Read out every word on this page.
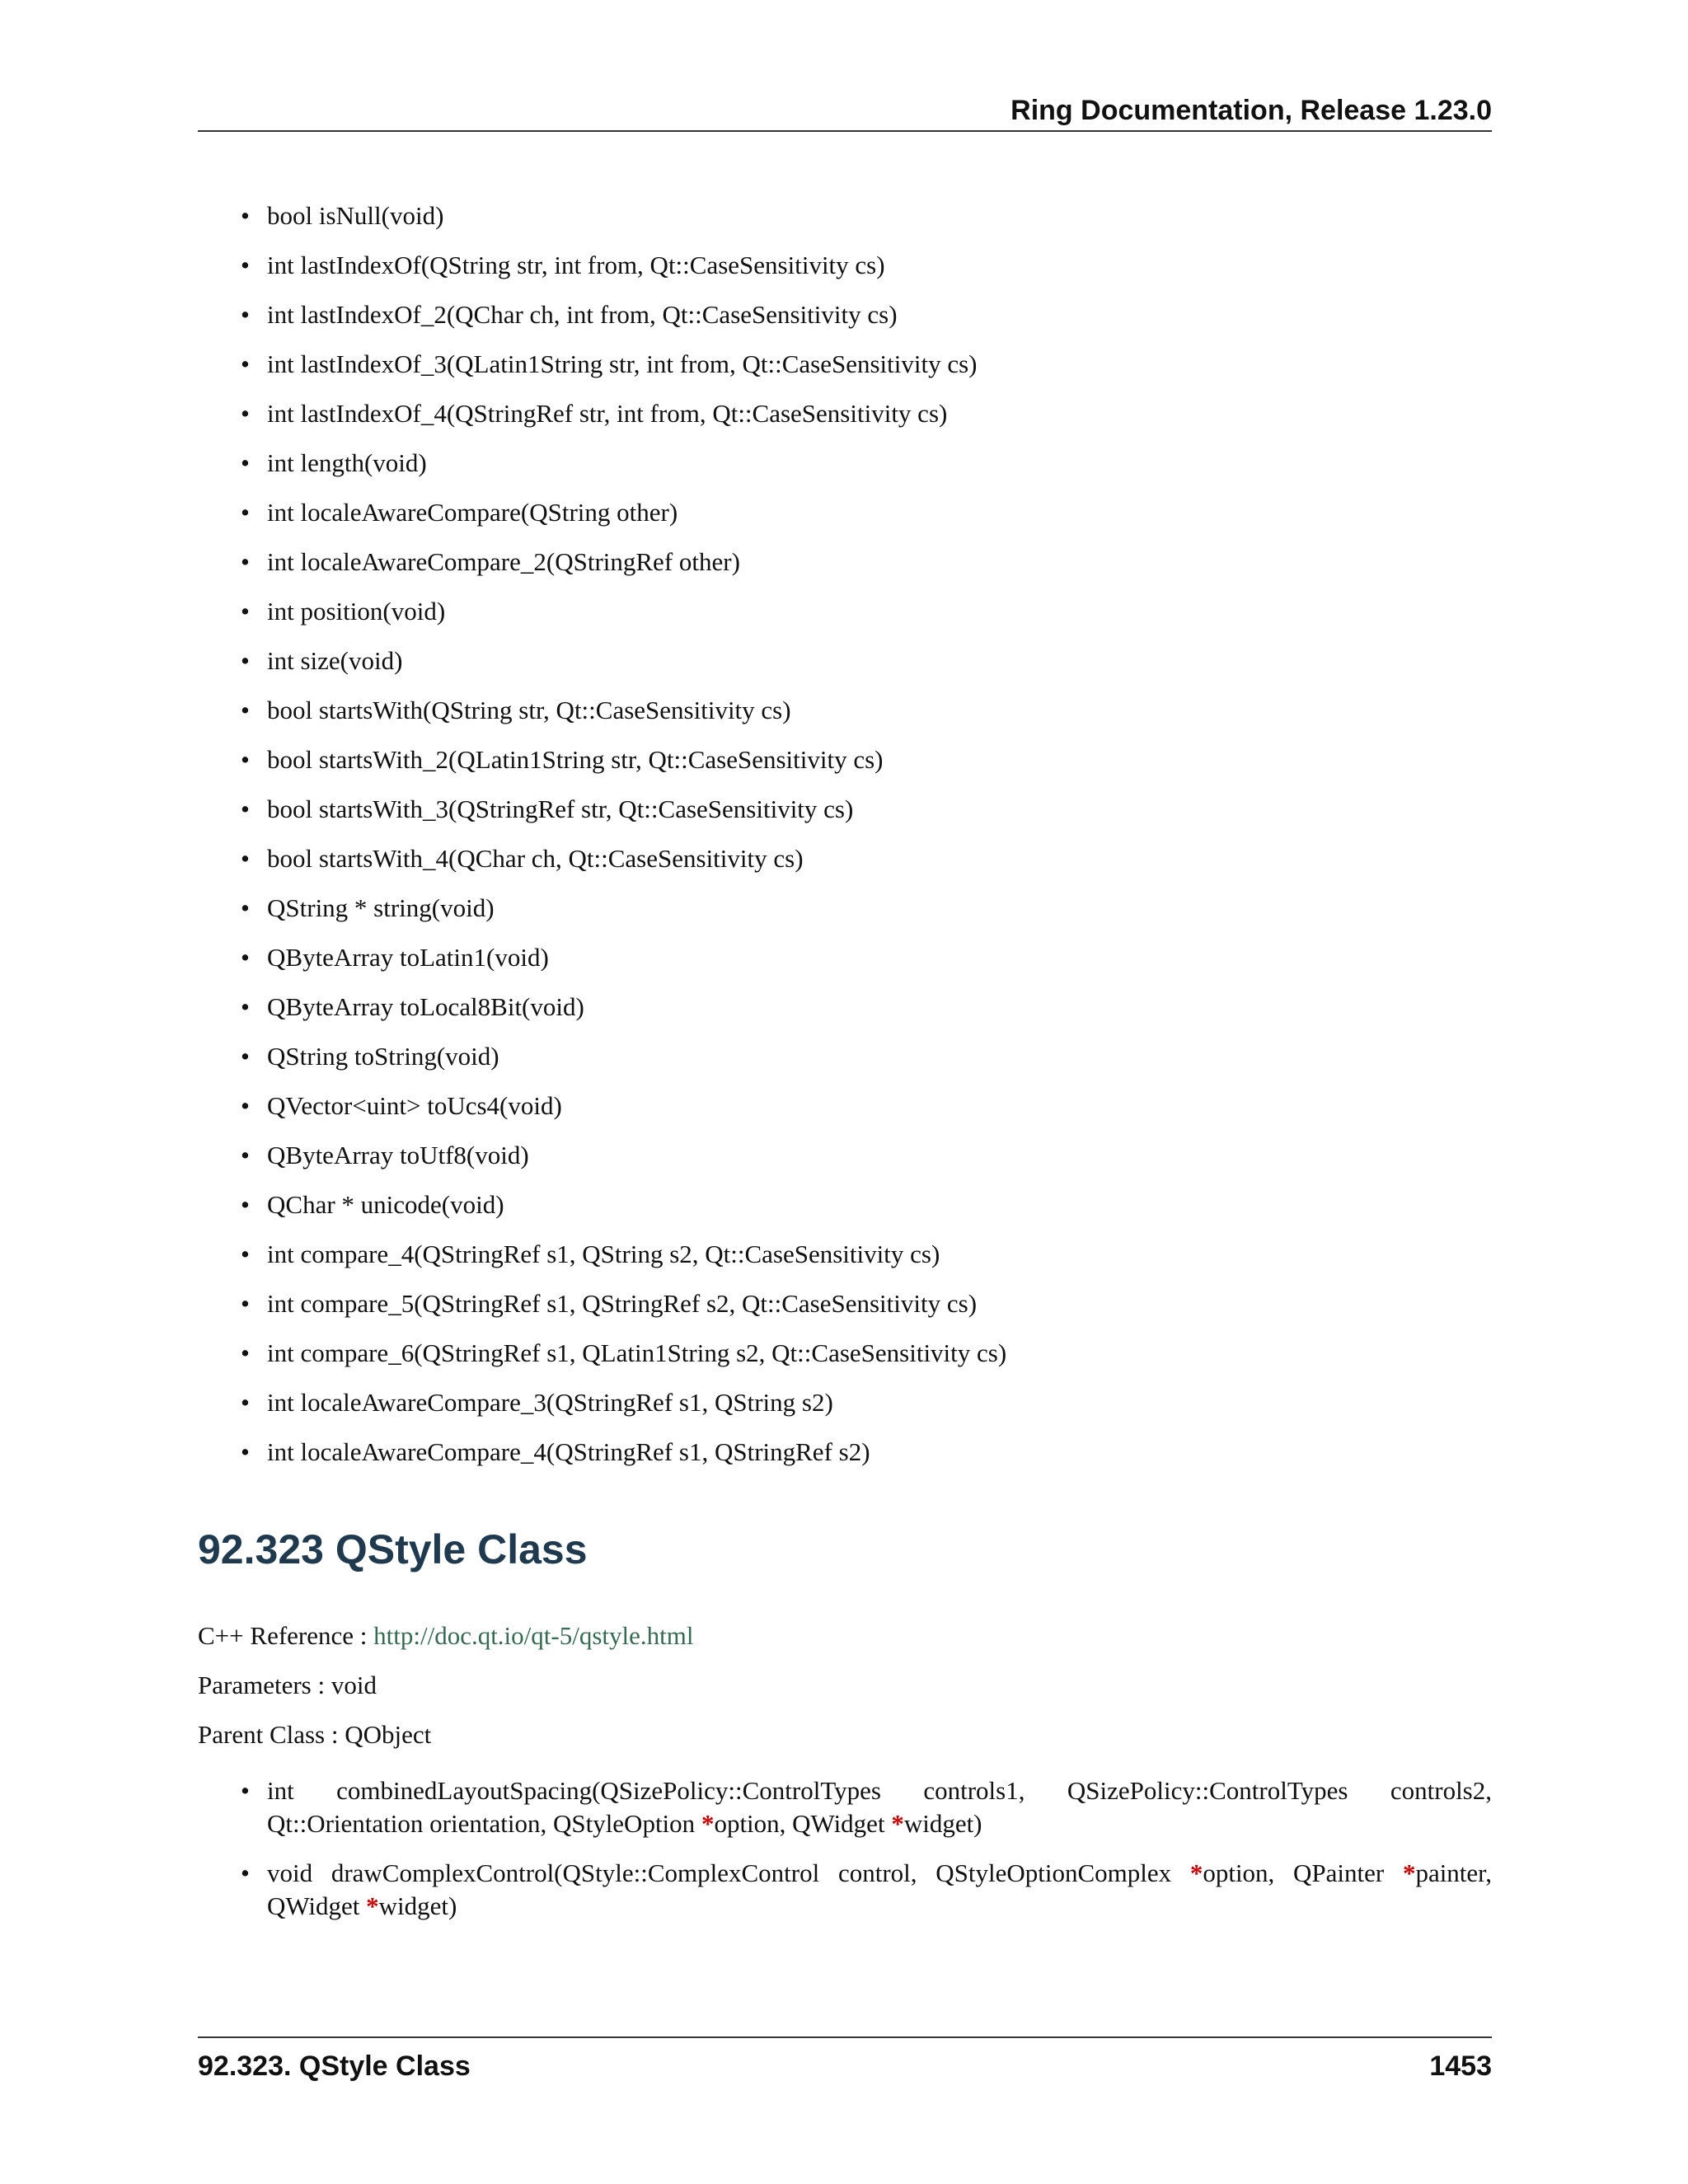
Ring Documentation, Release 1.23.0
• bool isNull(void)
• int lastIndexOf(QString str, int from, Qt::CaseSensitivity cs)
• int lastIndexOf_2(QChar ch, int from, Qt::CaseSensitivity cs)
• int lastIndexOf_3(QLatin1String str, int from, Qt::CaseSensitivity cs)
• int lastIndexOf_4(QStringRef str, int from, Qt::CaseSensitivity cs)
• int length(void)
• int localeAwareCompare(QString other)
• int localeAwareCompare_2(QStringRef other)
• int position(void)
• int size(void)
• bool startsWith(QString str, Qt::CaseSensitivity cs)
• bool startsWith_2(QLatin1String str, Qt::CaseSensitivity cs)
• bool startsWith_3(QStringRef str, Qt::CaseSensitivity cs)
• bool startsWith_4(QChar ch, Qt::CaseSensitivity cs)
• QString * string(void)
• QByteArray toLatin1(void)
• QByteArray toLocal8Bit(void)
• QString toString(void)
• QVector<uint> toUcs4(void)
• QByteArray toUtf8(void)
• QChar * unicode(void)
• int compare_4(QStringRef s1, QString s2, Qt::CaseSensitivity cs)
• int compare_5(QStringRef s1, QStringRef s2, Qt::CaseSensitivity cs)
• int compare_6(QStringRef s1, QLatin1String s2, Qt::CaseSensitivity cs)
• int localeAwareCompare_3(QStringRef s1, QString s2)
• int localeAwareCompare_4(QStringRef s1, QStringRef s2)
92.323 QStyle Class
C++ Reference : http://doc.qt.io/qt-5/qstyle.html
Parameters : void
Parent Class : QObject
• int combinedLayoutSpacing(QSizePolicy::ControlTypes controls1, QSizePolicy::ControlTypes controls2, Qt::Orientation orientation, QStyleOption *option, QWidget *widget)
• void drawComplexControl(QStyle::ComplexControl control, QStyleOptionComplex *option, QPainter *painter, QWidget *widget)
92.323. QStyle Class	1453
